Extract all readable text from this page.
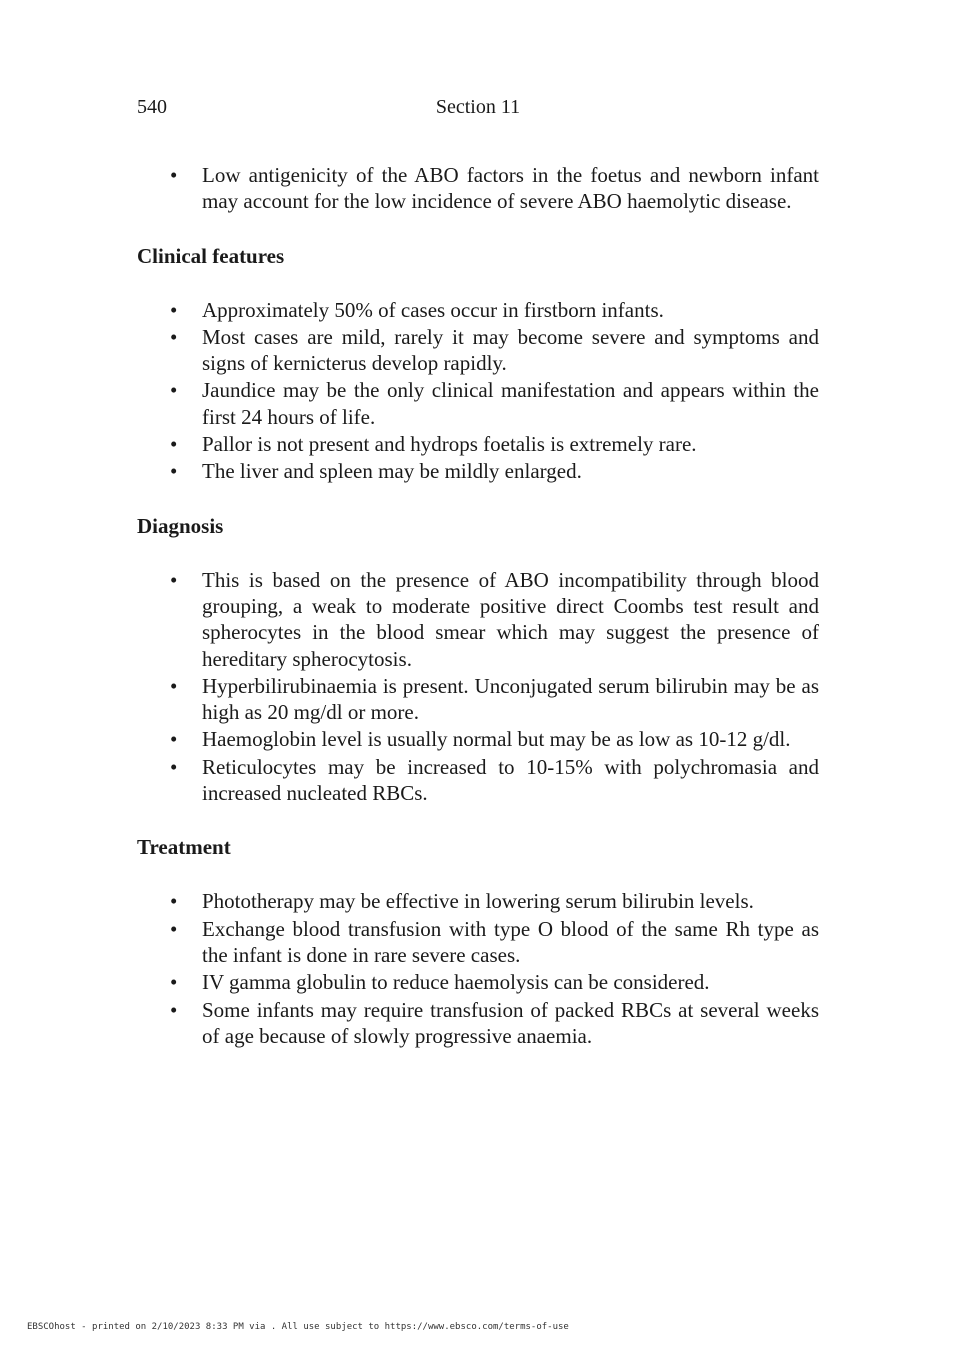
540	Section 11
• Low antigenicity of the ABO factors in the foetus and newborn infant may account for the low incidence of severe ABO haemolytic disease.
Clinical features
• Approximately 50% of cases occur in firstborn infants.
• Most cases are mild, rarely it may become severe and symptoms and signs of kernicterus develop rapidly.
• Jaundice may be the only clinical manifestation and appears within the first 24 hours of life.
• Pallor is not present and hydrops foetalis is extremely rare.
• The liver and spleen may be mildly enlarged.
Diagnosis
• This is based on the presence of ABO incompatibility through blood grouping, a weak to moderate positive direct Coombs test result and spherocytes in the blood smear which may suggest the presence of hereditary spherocytosis.
• Hyperbilirubinaemia is present. Unconjugated serum bilirubin may be as high as 20 mg/dl or more.
• Haemoglobin level is usually normal but may be as low as 10-12 g/dl.
• Reticulocytes may be increased to 10-15% with polychromasia and increased nucleated RBCs.
Treatment
• Phototherapy may be effective in lowering serum bilirubin levels.
• Exchange blood transfusion with type O blood of the same Rh type as the infant is done in rare severe cases.
• IV gamma globulin to reduce haemolysis can be considered.
• Some infants may require transfusion of packed RBCs at several weeks of age because of slowly progressive anaemia.
EBSCOhost - printed on 2/10/2023 8:33 PM via . All use subject to https://www.ebsco.com/terms-of-use
